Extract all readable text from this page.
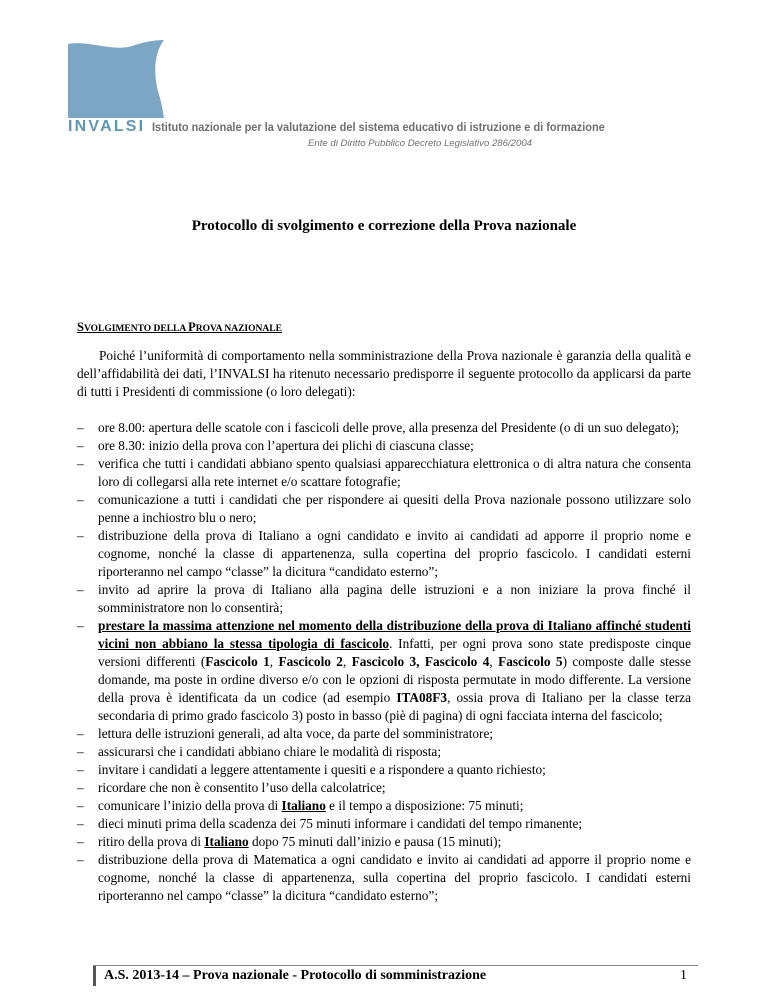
INVALSI Istituto nazionale per la valutazione del sistema educativo di istruzione e di formazione
Ente di Diritto Pubblico Decreto Legislativo 286/2004
Protocollo di svolgimento e correzione della Prova nazionale
SVOLGIMENTO DELLA PROVA NAZIONALE

Poiché l’uniformità di comportamento nella somministrazione della Prova nazionale è garanzia della qualità e dell’affidabilità dei dati, l’INVALSI ha ritenuto necessario predisporre il seguente protocollo da applicarsi da parte di tutti i Presidenti di commissione (o loro delegati):

– ore 8.00: apertura delle scatole con i fascicoli delle prove, alla presenza del Presidente (o di un suo delegato);
– ore 8.30: inizio della prova con l’apertura dei plichi di ciascuna classe;
– verifica che tutti i candidati abbiano spento qualsiasi apparecchiatura elettronica o di altra natura che consenta loro di collegarsi alla rete internet e/o scattare fotografie;
– comunicazione a tutti i candidati che per rispondere ai quesiti della Prova nazionale possono utilizzare solo penne a inchiostro blu o nero;
– distribuzione della prova di Italiano a ogni candidato e invito ai candidati ad apporre il proprio nome e cognome, nonché la classe di appartenenza, sulla copertina del proprio fascicolo. I candidati esterni riporteranno nel campo “classe” la dicitura “candidato esterno”;
– invito ad aprire la prova di Italiano alla pagina delle istruzioni e a non iniziare la prova finché il somministratore non lo consentirà;
– prestare la massima attenzione nel momento della distribuzione della prova di Italiano affinché studenti vicini non abbiano la stessa tipologia di fascicolo. Infatti, per ogni prova sono state predisposte cinque versioni differenti (Fascicolo 1, Fascicolo 2, Fascicolo 3, Fascicolo 4, Fascicolo 5) composte dalle stesse domande, ma poste in ordine diverso e/o con le opzioni di risposta permutate in modo differente. La versione della prova è identificata da un codice (ad esempio ITA08F3, ossia prova di Italiano per la classe terza secondaria di primo grado fascicolo 3) posto in basso (piè di pagina) di ogni facciata interna del fascicolo;
– lettura delle istruzioni generali, ad alta voce, da parte del somministratore;
– assicurarsi che i candidati abbiano chiare le modalità di risposta;
– invitare i candidati a leggere attentamente i quesiti e a rispondere a quanto richiesto;
– ricordare che non è consentito l’uso della calcolatrice;
– comunicare l’inizio della prova di Italiano e il tempo a disposizione: 75 minuti;
– dieci minuti prima della scadenza dei 75 minuti informare i candidati del tempo rimanente;
– ritiro della prova di Italiano dopo 75 minuti dall’inizio e pausa (15 minuti);
– distribuzione della prova di Matematica a ogni candidato e invito ai candidati ad apporre il proprio nome e cognome, nonché la classe di appartenenza, sulla copertina del proprio fascicolo. I candidati esterni riporteranno nel campo “classe” la dicitura “candidato esterno”;
A.S. 2013-14 – Prova nazionale - Protocollo di somministrazione	1
